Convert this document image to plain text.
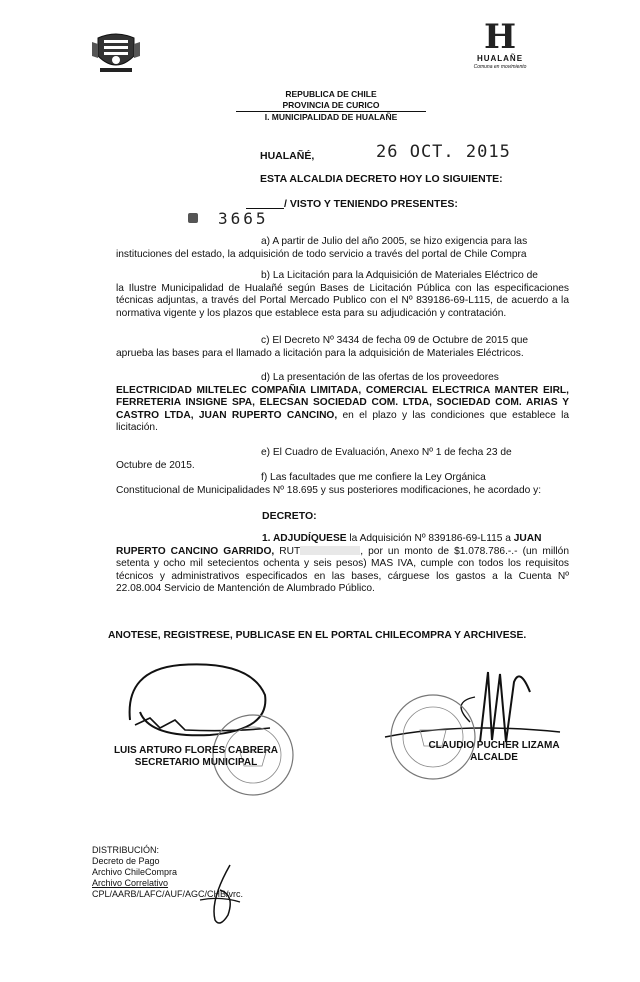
H
HUALAÑE
Comuna en movimiento
REPUBLICA DE CHILE
PROVINCIA DE CURICO
I. MUNICIPALIDAD DE HUALAÑE
HUALAÑÉ,	26 OCT. 2015
ESTA ALCALDIA DECRETO HOY LO SIGUIENTE:
3665
/ VISTO Y TENIENDO PRESENTES:
a) A partir de Julio del año 2005, se hizo exigencia para las
instituciones del estado, la adquisición de todo servicio a través del portal de Chile Compra
b) La Licitación para la Adquisición de Materiales Eléctrico de
la Ilustre Municipalidad de Hualañé según Bases de Licitación Pública con las especificaciones técnicas adjuntas, a través del Portal Mercado Publico con el Nº 839186-69-L115, de acuerdo a la normativa vigente y los plazos que establece esta para su adjudicación y contratación.
c) El Decreto Nº 3434 de fecha 09 de Octubre de 2015 que
aprueba las bases para el llamado a licitación para la adquisición de Materiales Eléctricos.
d) La presentación de las ofertas de los proveedores
ELECTRICIDAD MILTELEC COMPAÑIA LIMITADA, COMERCIAL ELECTRICA MANTER EIRL, FERRETERIA INSIGNE SPA, ELECSAN SOCIEDAD COM. LTDA, SOCIEDAD COM. ARIAS Y CASTRO LTDA, JUAN RUPERTO CANCINO, en el plazo y las condiciones que establece la licitación.
e) El Cuadro de Evaluación, Anexo Nº 1 de fecha 23 de
Octubre de 2015.
f) Las facultades que me confiere la Ley Orgánica
Constitucional de Municipalidades Nº 18.695 y sus posteriores modificaciones, he acordado y:
DECRETO:
1. ADJUDÍQUESE la Adquisición Nº 839186-69-L115 a JUAN
RUPERTO CANCINO GARRIDO, RUT	, por un monto de $1.078.786.-.- (un millón setenta y ocho mil setecientos ochenta y seis pesos) MAS IVA, cumple con todos los requisitos técnicos y administrativos especificados en las bases, cárguese los gastos a la Cuenta Nº 22.08.004 Servicio de Mantención de Alumbrado Público.
ANOTESE, REGISTRESE, PUBLICASE EN EL PORTAL CHILECOMPRA Y ARCHIVESE.
LUIS ARTURO FLORES CABRERA
SECRETARIO MUNICIPAL
CLAUDIO PUCHER LIZAMA
ALCALDE
DISTRIBUCIÓN:
Decreto de Pago
Archivo ChileCompra
Archivo Correlativo
CPL/AARB/LAFC/AUF/AGC/CHB/vrc.
